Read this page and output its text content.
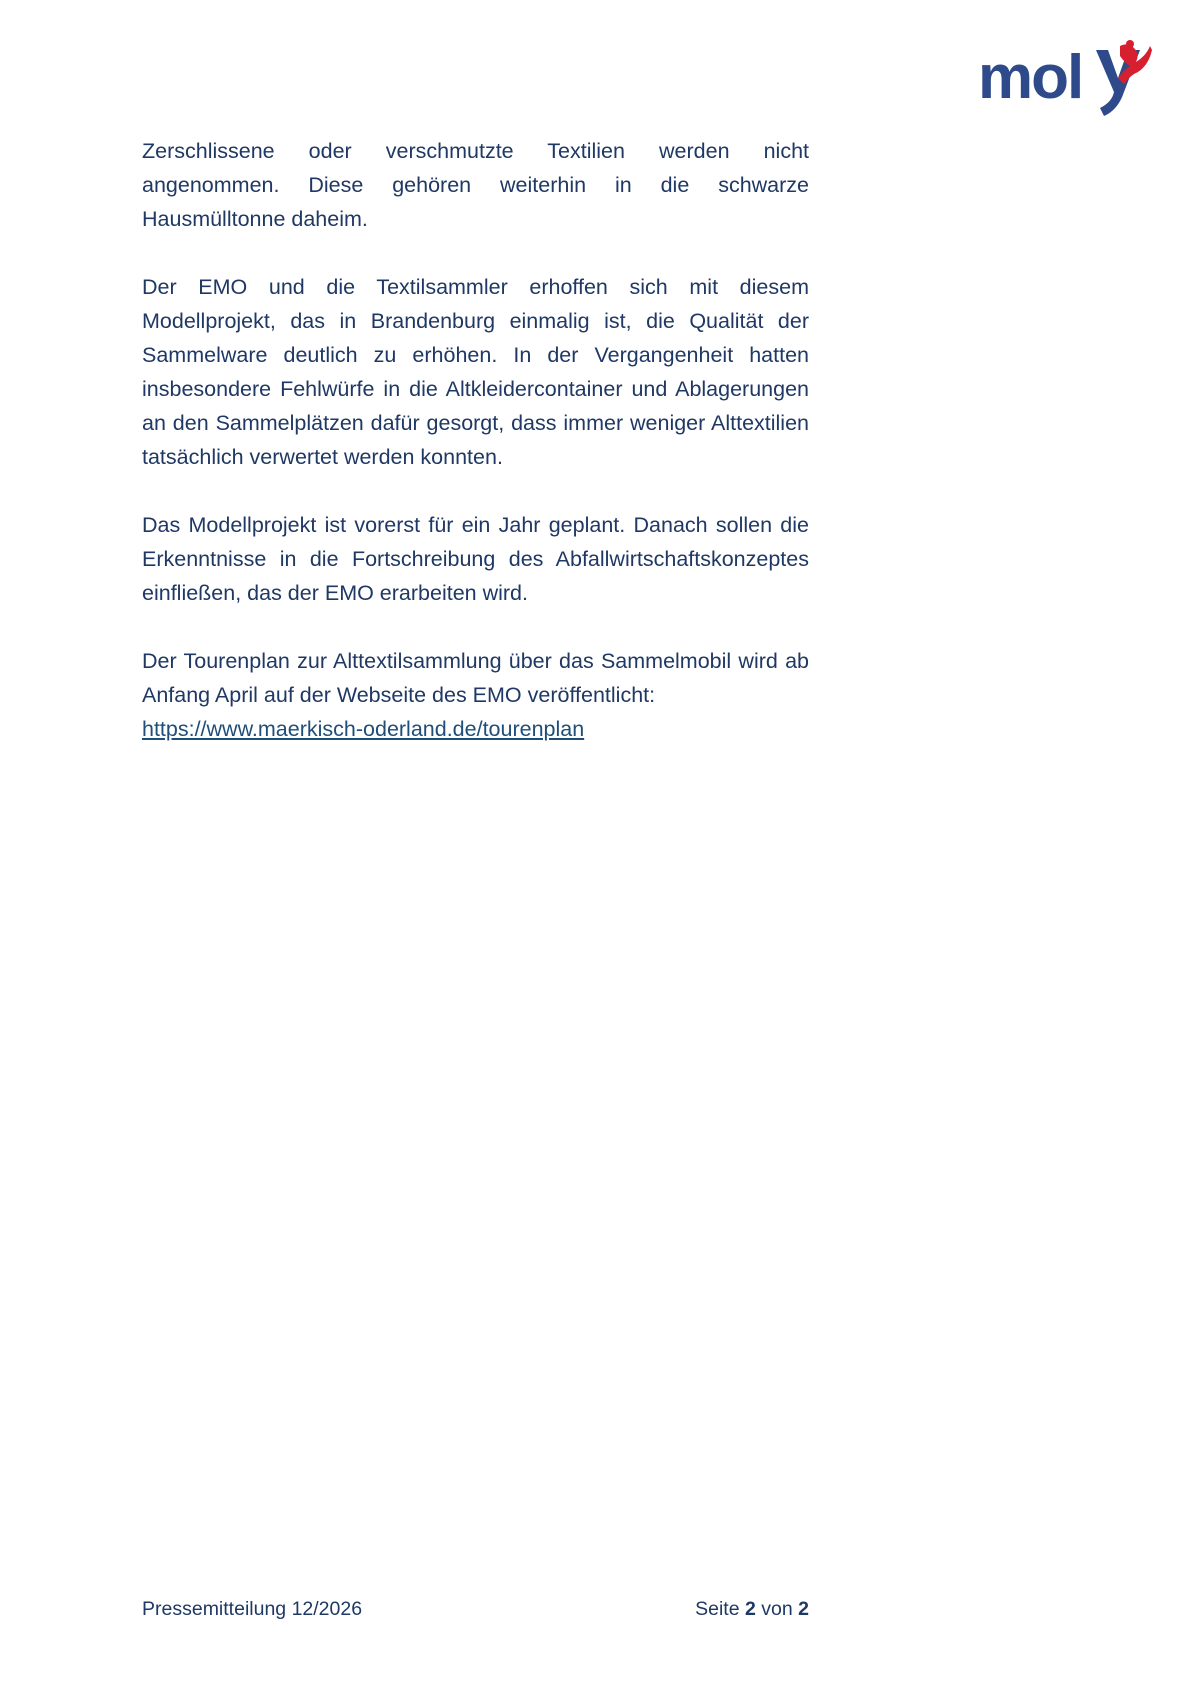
mol

Zerschlissene oder verschmutzte Textilien werden nicht angenommen. Diese gehören weiterhin in die schwarze Hausmülltonne daheim.

Der EMO und die Textilsammler erhoffen sich mit diesem Modellprojekt, das in Brandenburg einmalig ist, die Qualität der Sammelware deutlich zu erhöhen. In der Vergangenheit hatten insbesondere Fehlwürfe in die Altkleidercontainer und Ablagerungen an den Sammelplätzen dafür gesorgt, dass immer weniger Alttextilien tatsächlich verwertet werden konnten.

Das Modellprojekt ist vorerst für ein Jahr geplant. Danach sollen die Erkenntnisse in die Fortschreibung des Abfallwirtschaftskonzeptes einfließen, das der EMO erarbeiten wird.

Der Tourenplan zur Alttextilsammlung über das Sammelmobil wird ab Anfang April auf der Webseite des EMO veröffentlicht:
https://www.maerkisch-oderland.de/tourenplan

Pressemitteilung 12/2026	Seite 2 von 2
